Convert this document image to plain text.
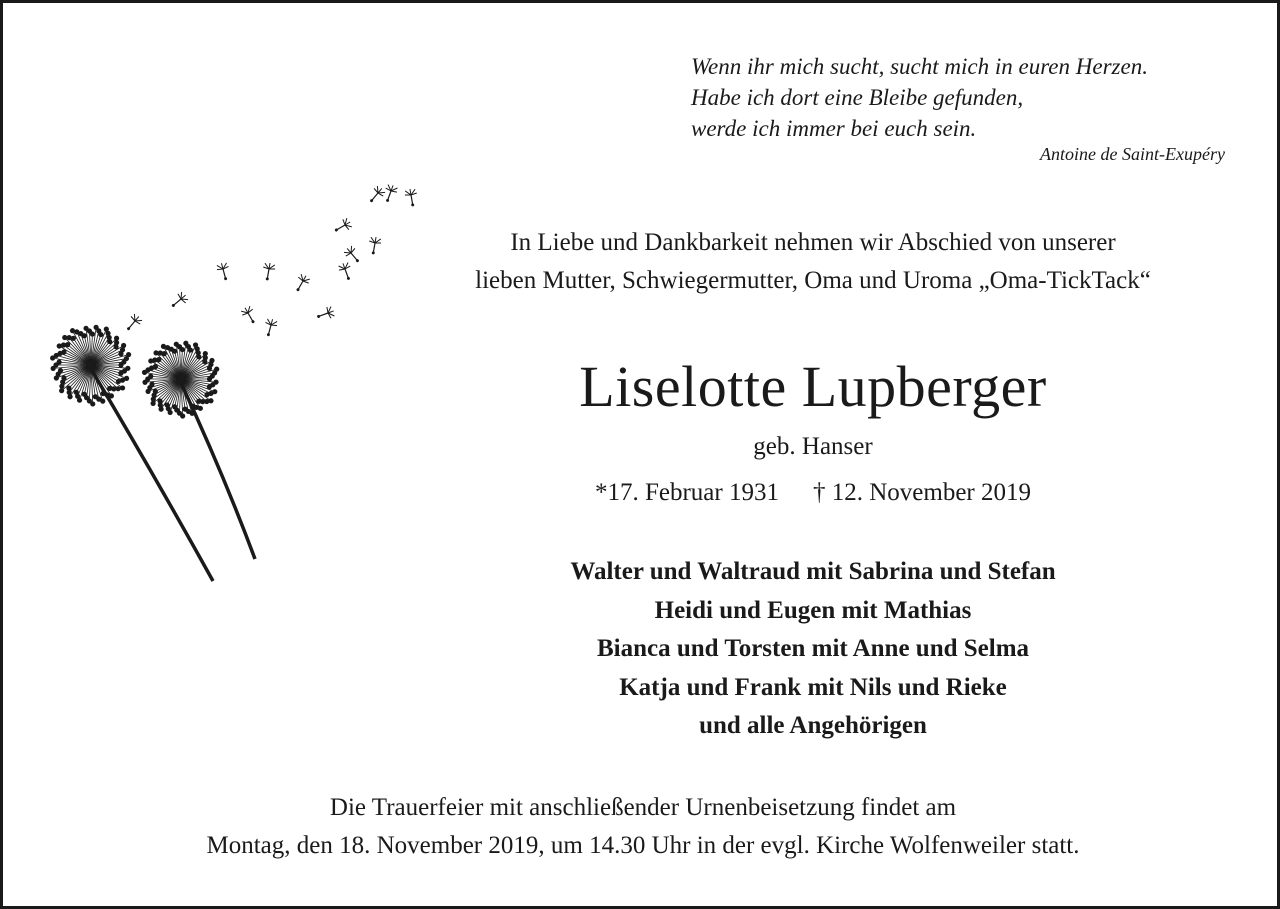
Wenn ihr mich sucht, sucht mich in euren Herzen.
Habe ich dort eine Bleibe gefunden,
werde ich immer bei euch sein.
Antoine de Saint-Exupéry
In Liebe und Dankbarkeit nehmen wir Abschied von unserer
lieben Mutter, Schwiegermutter, Oma und Uroma „Oma-TickTack“
Liselotte Lupberger
geb. Hanser
*17. Februar 1931 † 12. November 2019
Walter und Waltraud mit Sabrina und Stefan
Heidi und Eugen mit Mathias
Bianca und Torsten mit Anne und Selma
Katja und Frank mit Nils und Rieke
und alle Angehörigen
Die Trauerfeier mit anschließender Urnenbeisetzung findet am
Montag, den 18. November 2019, um 14.30 Uhr in der evgl. Kirche Wolfenweiler statt.
